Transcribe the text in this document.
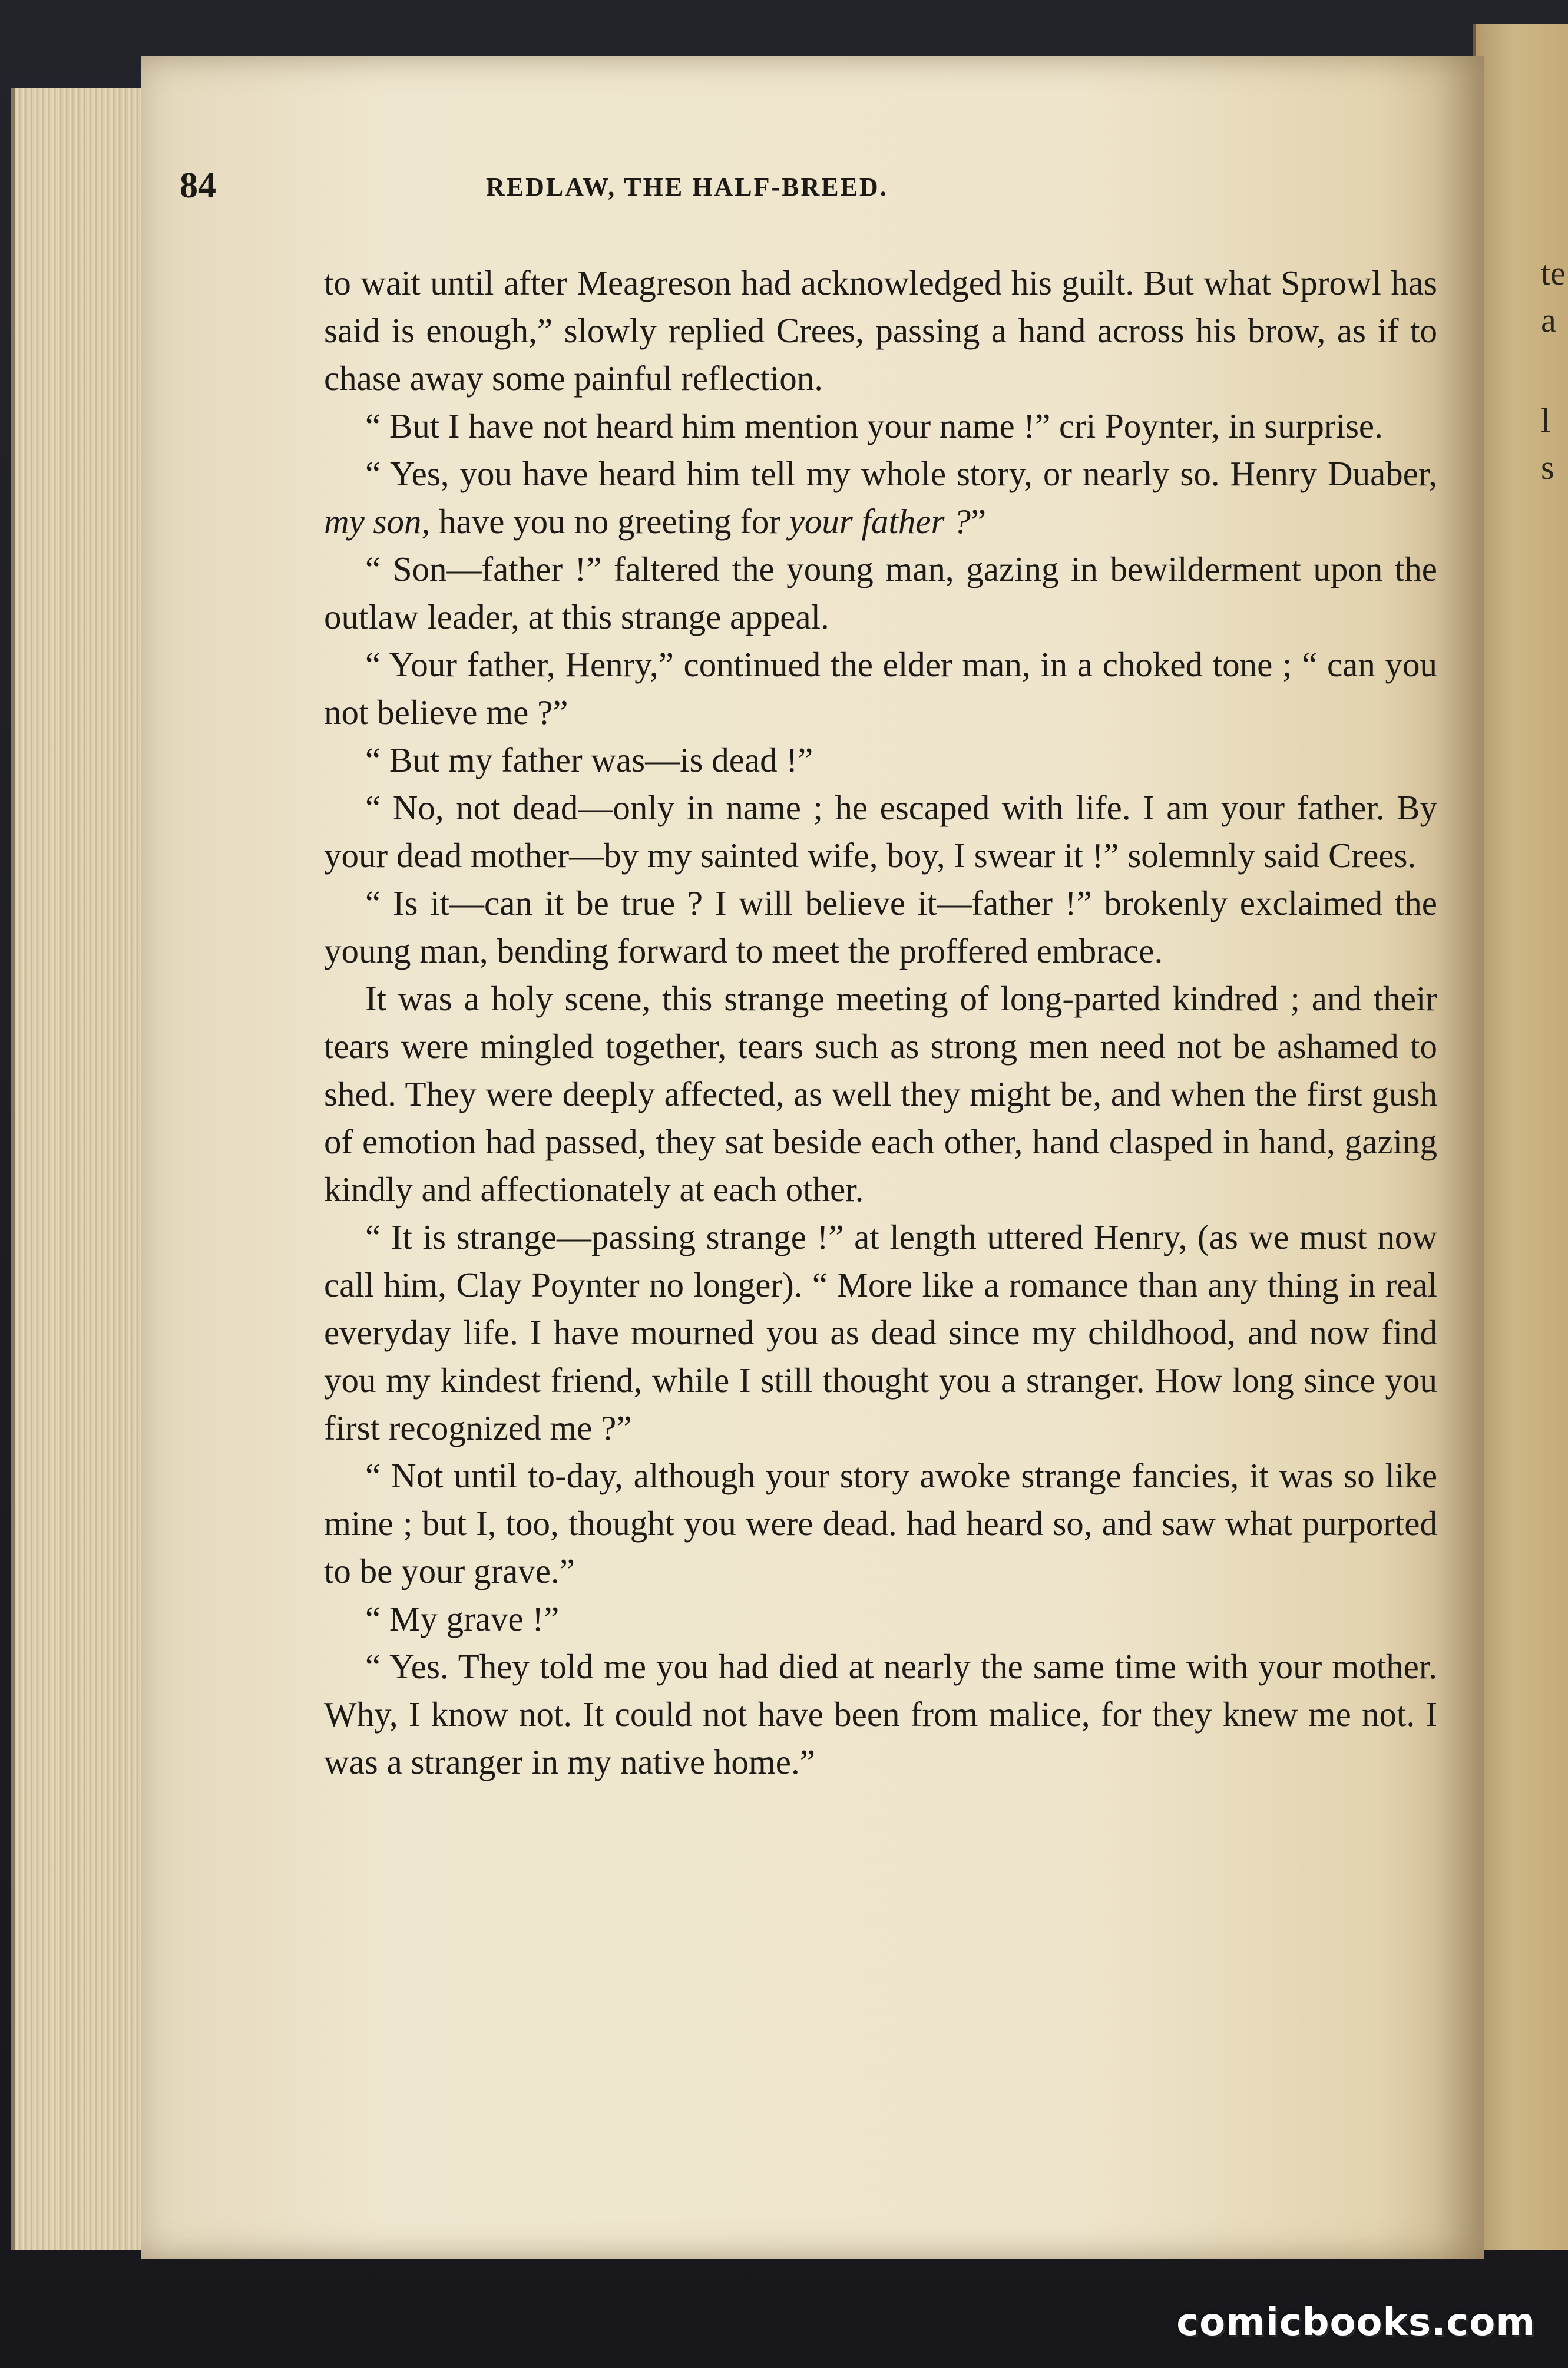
te
a
l
s
84	REDLAW, THE HALF-BREED.

to wait until after Meagreson had acknowledged his guilt. But what Sprowl has said is enough,” slowly replied Crees, passing a hand across his brow, as if to chase away some painful reflection.

“ But I have not heard him mention your name !” cri Poynter, in surprise.

“ Yes, you have heard him tell my whole story, or nearly so. Henry Duaber, my son, have you no greeting for your father ?”

“ Son—father !” faltered the young man, gazing in bewilderment upon the outlaw leader, at this strange appeal.

“ Your father, Henry,” continued the elder man, in a choked tone ; “ can you not believe me ?”

“ But my father was—is dead !”

“ No, not dead—only in name ; he escaped with life. I am your father. By your dead mother—by my sainted wife, boy, I swear it !” solemnly said Crees.

“ Is it—can it be true ? I will believe it—father !” brokenly exclaimed the young man, bending forward to meet the proffered embrace.

It was a holy scene, this strange meeting of long-parted kindred ; and their tears were mingled together, tears such as strong men need not be ashamed to shed. They were deeply affected, as well they might be, and when the first gush of emotion had passed, they sat beside each other, hand clasped in hand, gazing kindly and affectionately at each other.

“ It is strange—passing strange !” at length uttered Henry, (as we must now call him, Clay Poynter no longer). “ More like a romance than any thing in real everyday life. I have mourned you as dead since my childhood, and now find you my kindest friend, while I still thought you a stranger. How long since you first recognized me ?”

“ Not until to-day, although your story awoke strange fancies, it was so like mine ; but I, too, thought you were dead. had heard so, and saw what purported to be your grave.”

“ My grave !”

“ Yes. They told me you had died at nearly the same time with your mother. Why, I know not. It could not have been from malice, for they knew me not. I was a stranger in my native home.”

comicbooks.com
